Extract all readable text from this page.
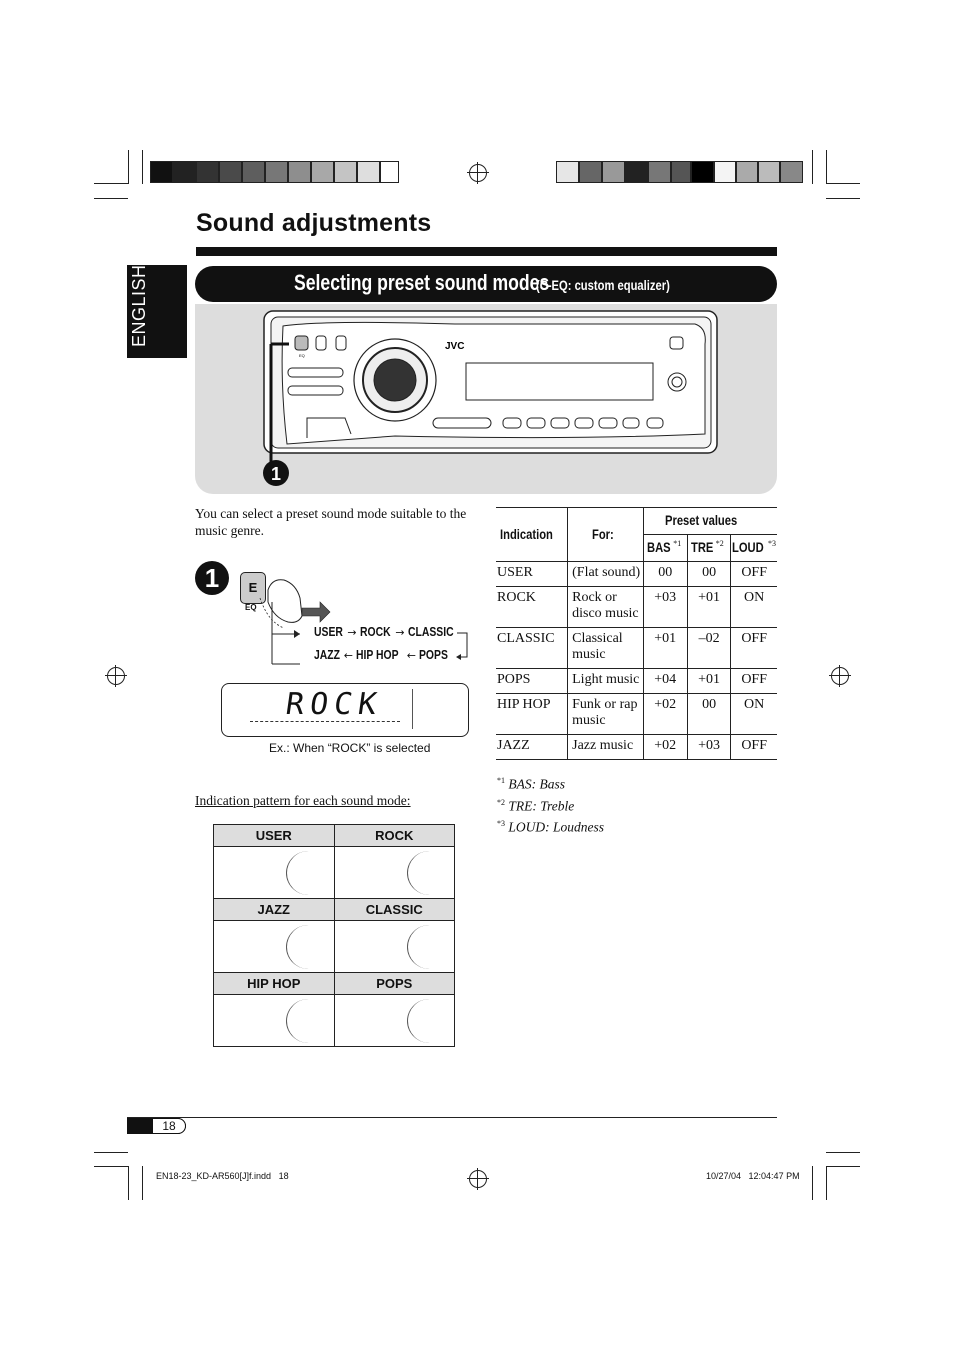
Sound adjustments
ENGLISH	Selecting preset sound modes
(C-EQ: custom equalizer)
EQ
JVC
1
You can select a preset sound mode suitable to the music genre.
1	E
EQ
USER → ROCK → CLASSIC
JAZZ ← HIP HOP ← POPS
ROCK
Ex.: When “ROCK” is selected
Indication pattern for each sound mode:
USER	ROCK

JAZZ	CLASSIC

HIP HOP	POPS

Indication	For:	Preset values		
		BAS $^{*1}$	TRE $^{*2}$	LOUD $^{*3}$
USER	(Flat sound)	00	00	OFF
ROCK	Rock or disco music	+03	+01	ON
CLASSIC	Classical music	+01	–02	OFF
POPS	Light music	+04	+01	OFF
HIP HOP	Funk or rap music	+02	00	ON
JAZZ	Jazz music	+02	+03	OFF
$^{*1}$ BAS: Bass
$^{*2}$ TRE: Treble
$^{*3}$ LOUD: Loudness
18
EN18-23_KD-AR560[J]f.indd   18	10/27/04   12:04:47 PM
